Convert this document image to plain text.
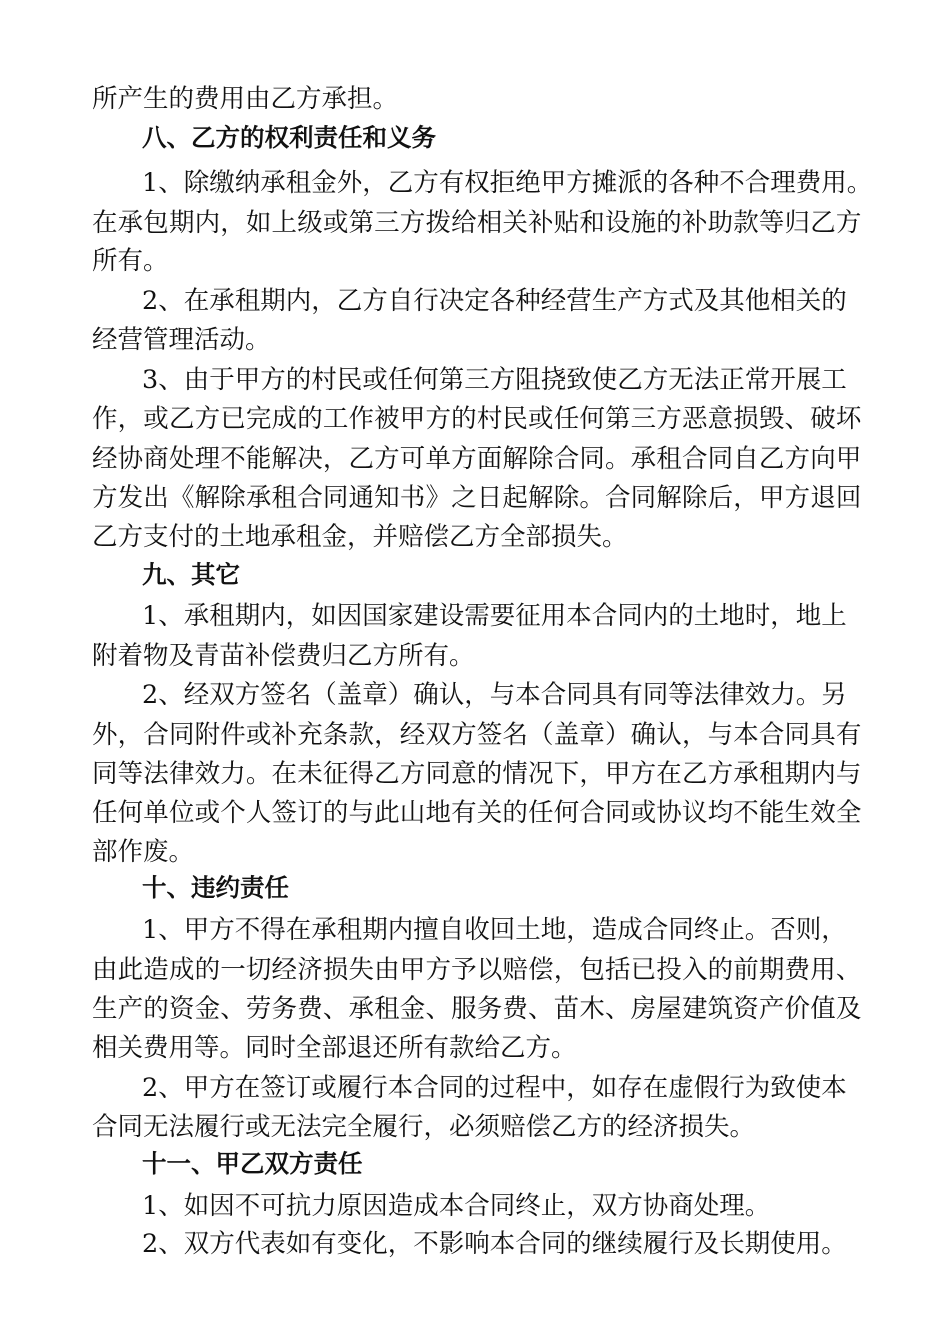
所产生的费用由乙方承担。
八、乙方的权利责任和义务
1、除缴纳承租金外，乙方有权拒绝甲方摊派的各种不合理费用。
在承包期内，如上级或第三方拨给相关补贴和设施的补助款等归乙方
所有。
2、在承租期内，乙方自行决定各种经营生产方式及其他相关的
经营管理活动。
3、由于甲方的村民或任何第三方阻挠致使乙方无法正常开展工
作，或乙方已完成的工作被甲方的村民或任何第三方恶意损毁、破坏
经协商处理不能解决，乙方可单方面解除合同。承租合同自乙方向甲
方发出《解除承租合同通知书》之日起解除。合同解除后，甲方退回
乙方支付的土地承租金，并赔偿乙方全部损失。
九、其它
1、承租期内，如因国家建设需要征用本合同内的土地时，地上
附着物及青苗补偿费归乙方所有。
2、经双方签名（盖章）确认，与本合同具有同等法律效力。另
外，合同附件或补充条款，经双方签名（盖章）确认，与本合同具有
同等法律效力。在未征得乙方同意的情况下，甲方在乙方承租期内与
任何单位或个人签订的与此山地有关的任何合同或协议均不能生效全
部作废。
十、违约责任
1、甲方不得在承租期内擅自收回土地，造成合同终止。否则，
由此造成的一切经济损失由甲方予以赔偿，包括已投入的前期费用、
生产的资金、劳务费、承租金、服务费、苗木、房屋建筑资产价值及
相关费用等。同时全部退还所有款给乙方。
2、甲方在签订或履行本合同的过程中，如存在虚假行为致使本
合同无法履行或无法完全履行，必须赔偿乙方的经济损失。
十一、甲乙双方责任
1、如因不可抗力原因造成本合同终止，双方协商处理。
2、双方代表如有变化，不影响本合同的继续履行及长期使用。
